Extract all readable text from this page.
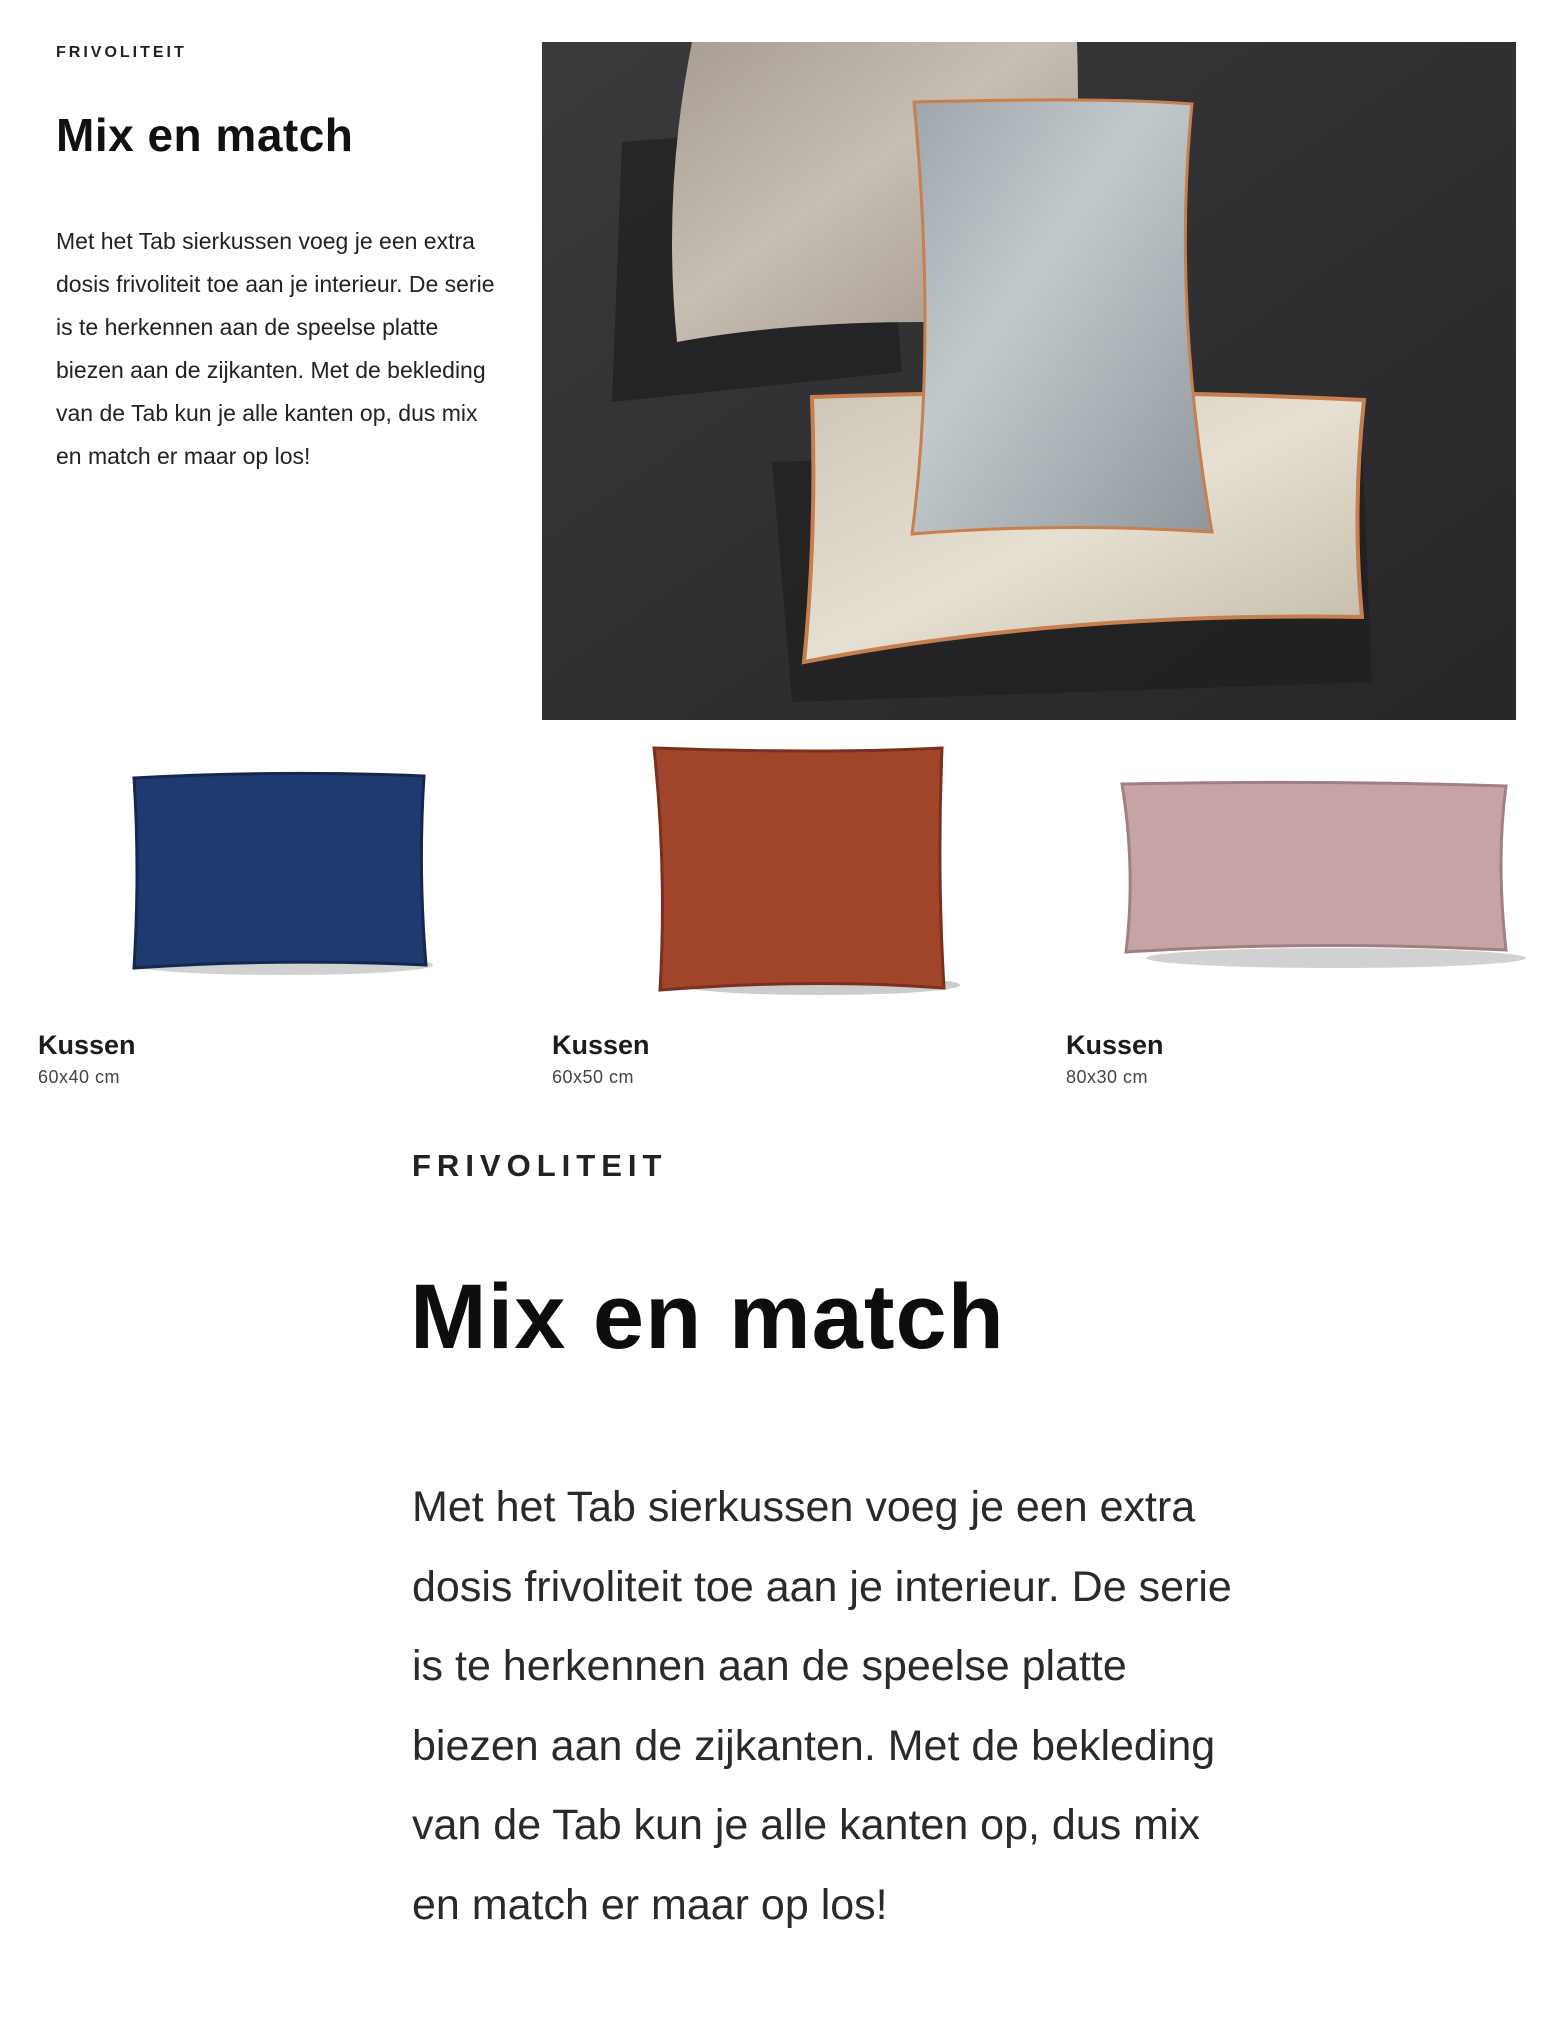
FRIVOLITEIT
Mix en match

Met het Tab sierkussen voeg je een extra dosis frivoliteit toe aan je interieur. De serie is te herkennen aan de speelse platte biezen aan de zijkanten. Met de bekleding van de Tab kun je alle kanten op, dus mix en match er maar op los!

Kussen
60x40 cm
Kussen
60x50 cm
Kussen
80x30 cm
FRIVOLITEIT
Mix en match

Met het Tab sierkussen voeg je een extra dosis frivoliteit toe aan je interieur. De serie is te herkennen aan de speelse platte biezen aan de zijkanten. Met de bekleding van de Tab kun je alle kanten op, dus mix en match er maar op los!
